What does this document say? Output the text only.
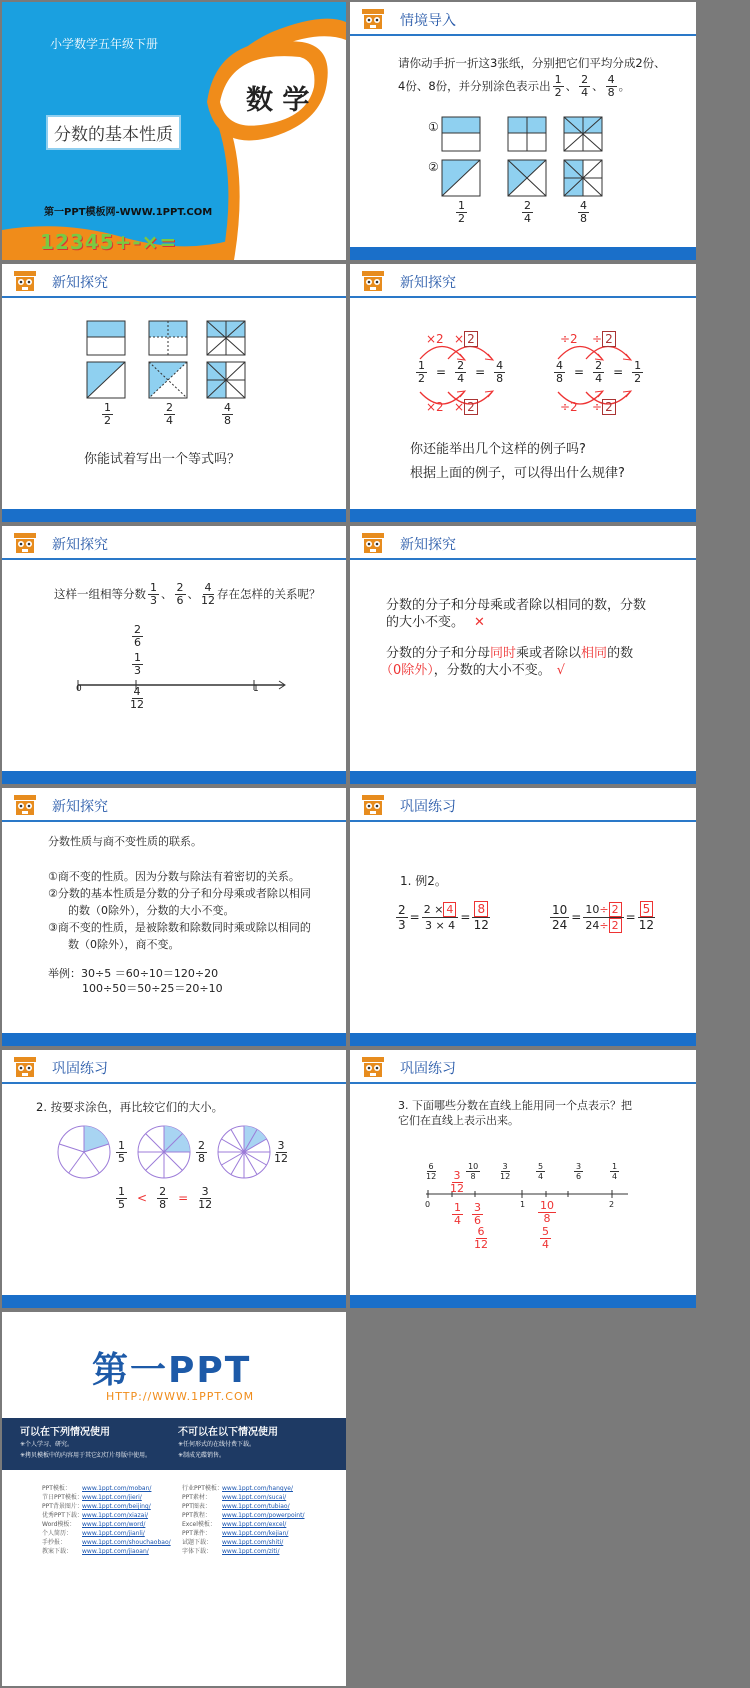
小学数学五年级下册
分数的基本性质
数 学
第一PPT模板网-WWW.1PPT.COM
12345+-×=
情境导入
请你动手折一折这3张纸，分别把它们平均分成2份、
4份、8份，并分别涂色表示出 $\frac{1}{2}$ 、 $\frac{2}{4}$ 、 $\frac{4}{8}$ 。
①
②
$\frac{1}{2}$	$\frac{2}{4}$	$\frac{4}{8}$
新知探究
$\frac{1}{2}$	$\frac{2}{4}$	$\frac{4}{8}$
你能试着写出一个等式吗？
新知探究
×2 × 2
×2 × 2
÷2 ÷ 2
÷2 ÷ 2
$\frac{1}{2} = \frac{2}{4} = \frac{4}{8}$	$\frac{4}{8} = \frac{2}{4} = \frac{1}{2}$
你还能举出几个这样的例子吗?
根据上面的例子，可以得出什么规律?
新知探究
这样一组相等分数 $\frac{1}{3}$ 、 $\frac{2}{6}$ 、 $\frac{4}{12}$ 存在怎样的关系呢？
$\frac{2}{6}$
$\frac{1}{3}$
0	1
$\frac{4}{12}$
新知探究
分数的分子和分母乘或者除以相同的数，分数
的大小不变。 ✕
分数的分子和分母同时乘或者除以相同的数
（0除外），分数的大小不变。 √
新知探究
分数性质与商不变性质的联系。
①商不变的性质。因为分数与除法有着密切的关系。
②分数的基本性质是分数的分子和分母乘或者除以相同
的数（0除外），分数的大小不变。
③商不变的性质，是被除数和除数同时乘或除以相同的
数（0除外），商不变。
举例：30÷5 ＝60÷10＝120÷20
100÷50＝50÷25＝20÷10
巩固练习
1. 例2。
$\frac{2}{3} = \frac{2 \times 4}{3 \times 4} = \frac{8}{12}$	$\frac{10}{24} = \frac{10\div 2}{24\div 2} = \frac{5}{12}$
巩固练习
2. 按要求涂色，再比较它们的大小。
$\frac{1}{5}$	$\frac{2}{8}$	$\frac{3}{12}$
$\frac{1}{5} < \frac{2}{8} = \frac{3}{12}$
巩固练习
3. 下面哪些分数在直线上能用同一个点表示？把
它们在直线上表示出来。
$\frac{6}{12}$	$\frac{10}{8} \frac{3}{12}$	$\frac{5}{4}$	$\frac{3}{6}$	$\frac{1}{4}$
0	1	2
$\frac{3}{12}$
$\frac{1}{4} \frac{3}{6}$
$\frac{6}{12}$
$\frac{10}{8}$
$\frac{5}{4}$
第一PPT
HTTP://WWW.1PPT.COM
可以在下列情况使用
✳个人学习、研究。
✳拷贝模板中的内容用于其它幻灯片母版中使用。
不可以在以下情况使用
✳任何形式的在线付费下载。
✳制成光碟销售。
PPT模板： www.1ppt.com/moban/
节日PPT模板：www.1ppt.com/jieri/
PPT背景图片：www.1ppt.com/beijing/
优秀PPT下载：www.1ppt.com/xiazai/
Word模板： www.1ppt.com/word/
个人简历： www.1ppt.com/jianli/
手抄报：	www.1ppt.com/shouchaobao/
教案下载： www.1ppt.com/jiaoan/
行业PPT模板：www.1ppt.com/hangye/
PPT素材： www.1ppt.com/sucai/
PPT图表： www.1ppt.com/tubiao/
PPT教程： www.1ppt.com/powerpoint/
Excel模板： www.1ppt.com/excel/
PPT课件： www.1ppt.com/kejian/
试题下载： www.1ppt.com/shiti/
字体下载： www.1ppt.com/ziti/
